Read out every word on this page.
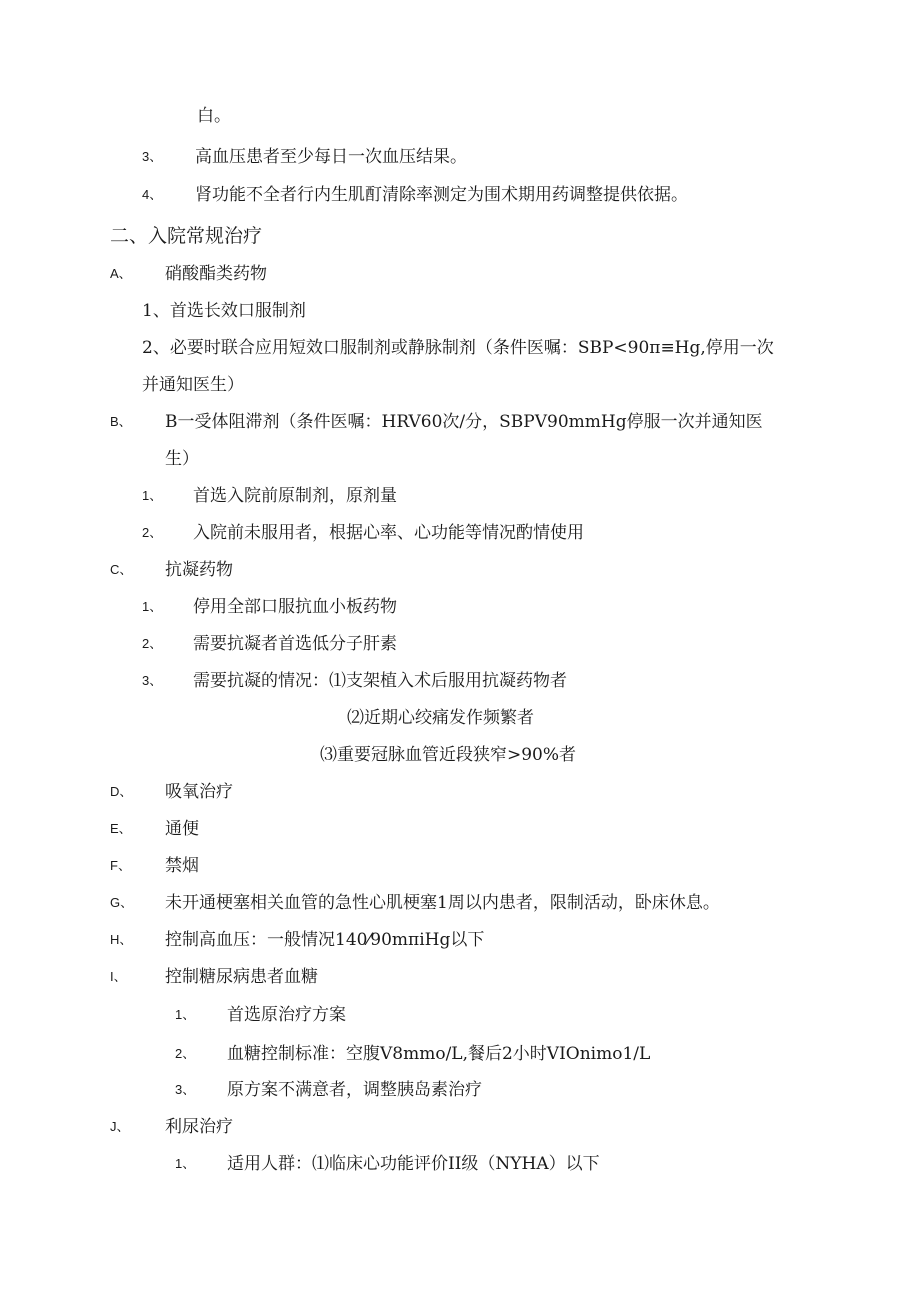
白。
3、 高血压患者至少每日一次血压结果。
4、 肾功能不全者行内生肌酊清除率测定为围术期用药调整提供依据。
二、入院常规治疗
A、 硝酸酯类药物
1、首选长效口服制剂
2、必要时联合应用短效口服制剂或静脉制剂（条件医嘱：SBP<90π≡Hg,停用一次
并通知医生）
B、 B一受体阻滞剂（条件医嘱：HRV60次/分，SBPV90mmHg停服一次并通知医
生）
1、 首选入院前原制剂，原剂量
2、 入院前未服用者，根据心率、心功能等情况酌情使用
C、 抗凝药物
1、 停用全部口服抗血小板药物
2、 需要抗凝者首选低分子肝素
3、 需要抗凝的情况：⑴支架植入术后服用抗凝药物者
⑵近期心绞痛发作频繁者
⑶重要冠脉血管近段狭窄>90%者
D、 吸氧治疗
E、 通便
F、 禁烟
G、 未开通梗塞相关血管的急性心肌梗塞1周以内患者，限制活动，卧床休息。
H、 控制高血压：一般情况140⁄90mπiHg以下
I、 控制糖尿病患者血糖
1、 首选原治疗方案
2、 血糖控制标准：空腹V8mmo∕L,餐后2小时VIOnimo1/L
3、 原方案不满意者，调整胰岛素治疗
J、 利尿治疗
1、 适用人群：⑴临床心功能评价II级（NYHA）以下
